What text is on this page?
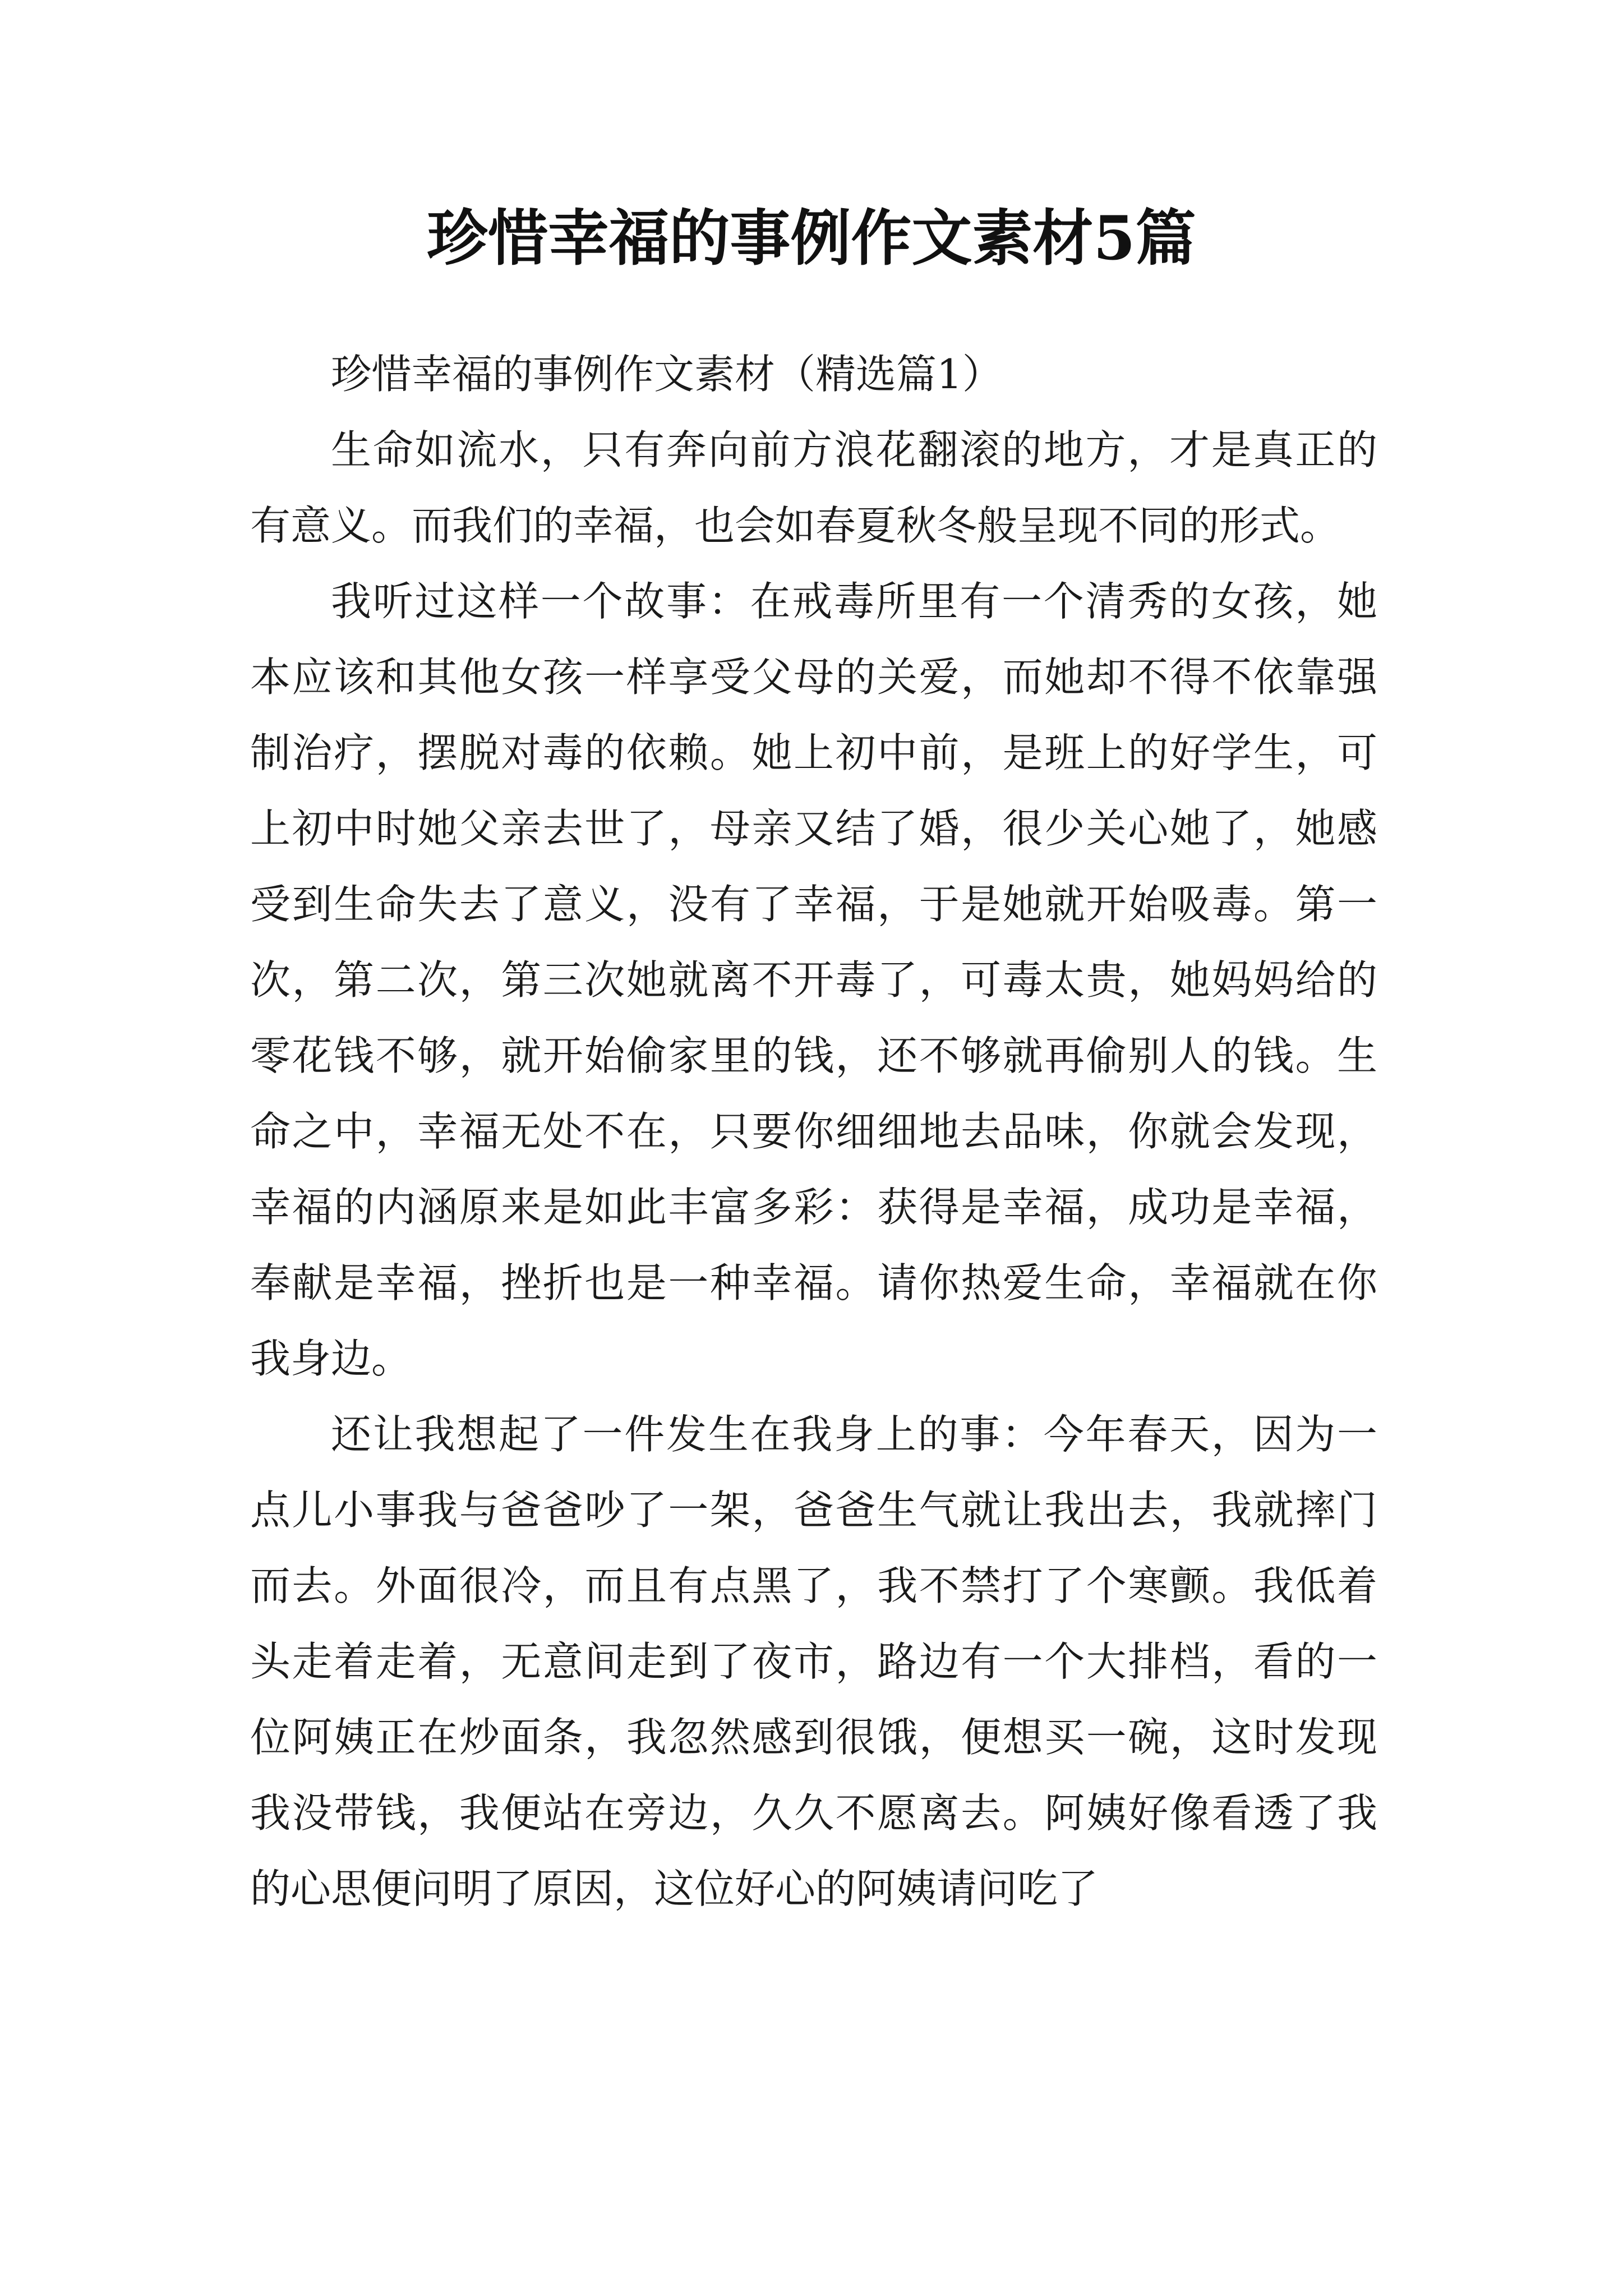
珍惜幸福的事例作文素材5篇

珍惜幸福的事例作文素材（精选篇1）

生命如流水，只有奔向前方浪花翻滚的地方，才是真正的有意义。而我们的幸福，也会如春夏秋冬般呈现不同的形式。

我听过这样一个故事：在戒毒所里有一个清秀的女孩，她本应该和其他女孩一样享受父母的关爱，而她却不得不依靠强制治疗，摆脱对毒的依赖。她上初中前，是班上的好学生，可上初中时她父亲去世了，母亲又结了婚，很少关心她了，她感受到生命失去了意义，没有了幸福，于是她就开始吸毒。第一次，第二次，第三次她就离不开毒了，可毒太贵，她妈妈给的零花钱不够，就开始偷家里的钱，还不够就再偷别人的钱。生命之中，幸福无处不在，只要你细细地去品味，你就会发现，幸福的内涵原来是如此丰富多彩：获得是幸福，成功是幸福，奉献是幸福，挫折也是一种幸福。请你热爱生命，幸福就在你我身边。

还让我想起了一件发生在我身上的事：今年春天，因为一点儿小事我与爸爸吵了一架，爸爸生气就让我出去，我就摔门而去。外面很冷，而且有点黑了，我不禁打了个寒颤。我低着头走着走着，无意间走到了夜市，路边有一个大排档，看的一位阿姨正在炒面条，我忽然感到很饿，便想买一碗，这时发现我没带钱，我便站在旁边，久久不愿离去。阿姨好像看透了我的心思便问明了原因，这位好心的阿姨请问吃了
